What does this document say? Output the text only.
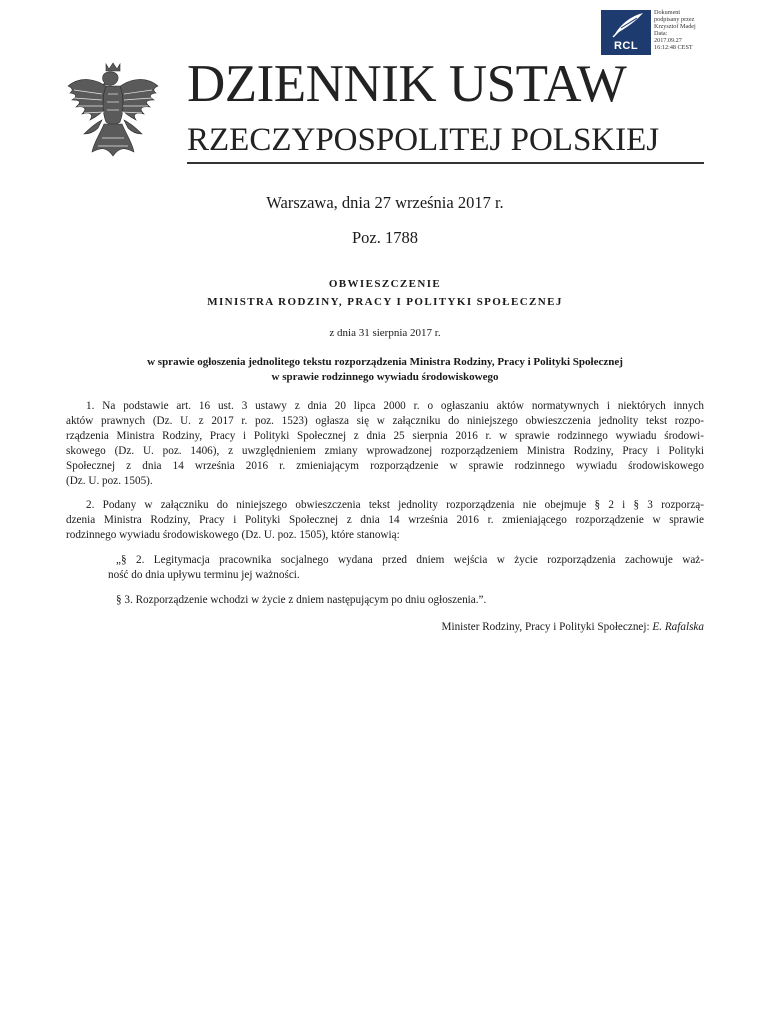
RCL
Dokument
podpisany przez
Krzysztof Madej
Data:
2017.09.27
16:12:48 CEST
DZIENNIK USTAW
RZECZYPOSPOLITEJ POLSKIEJ
Warszawa, dnia 27 września 2017 r.
Poz. 1788
OBWIESZCZENIE
MINISTRA RODZINY, PRACY I POLITYKI SPOŁECZNEJ
z dnia 31 sierpnia 2017 r.
w sprawie ogłoszenia jednolitego tekstu rozporządzenia Ministra Rodziny, Pracy i Polityki Społecznej
w sprawie rodzinnego wywiadu środowiskowego
1. Na podstawie art. 16 ust. 3 ustawy z dnia 20 lipca 2000 r. o ogłaszaniu aktów normatywnych i niektórych innych
aktów prawnych (Dz. U. z 2017 r. poz. 1523) ogłasza się w załączniku do niniejszego obwieszczenia jednolity tekst rozpo-
rządzenia Ministra Rodziny, Pracy i Polityki Społecznej z dnia 25 sierpnia 2016 r. w sprawie rodzinnego wywiadu środowi-
skowego (Dz. U. poz. 1406), z uwzględnieniem zmiany wprowadzonej rozporządzeniem Ministra Rodziny, Pracy i Polityki
Społecznej z dnia 14 września 2016 r. zmieniającym rozporządzenie w sprawie rodzinnego wywiadu środowiskowego
(Dz. U. poz. 1505).
2. Podany w załączniku do niniejszego obwieszczenia tekst jednolity rozporządzenia nie obejmuje § 2 i § 3 rozporzą-
dzenia Ministra Rodziny, Pracy i Polityki Społecznej z dnia 14 września 2016 r. zmieniającego rozporządzenie w sprawie
rodzinnego wywiadu środowiskowego (Dz. U. poz. 1505), które stanowią:
„§ 2. Legitymacja pracownika socjalnego wydana przed dniem wejścia w życie rozporządzenia zachowuje waż-
ność do dnia upływu terminu jej ważności.
§ 3. Rozporządzenie wchodzi w życie z dniem następującym po dniu ogłoszenia.”.
Minister Rodziny, Pracy i Polityki Społecznej: E. Rafalska
